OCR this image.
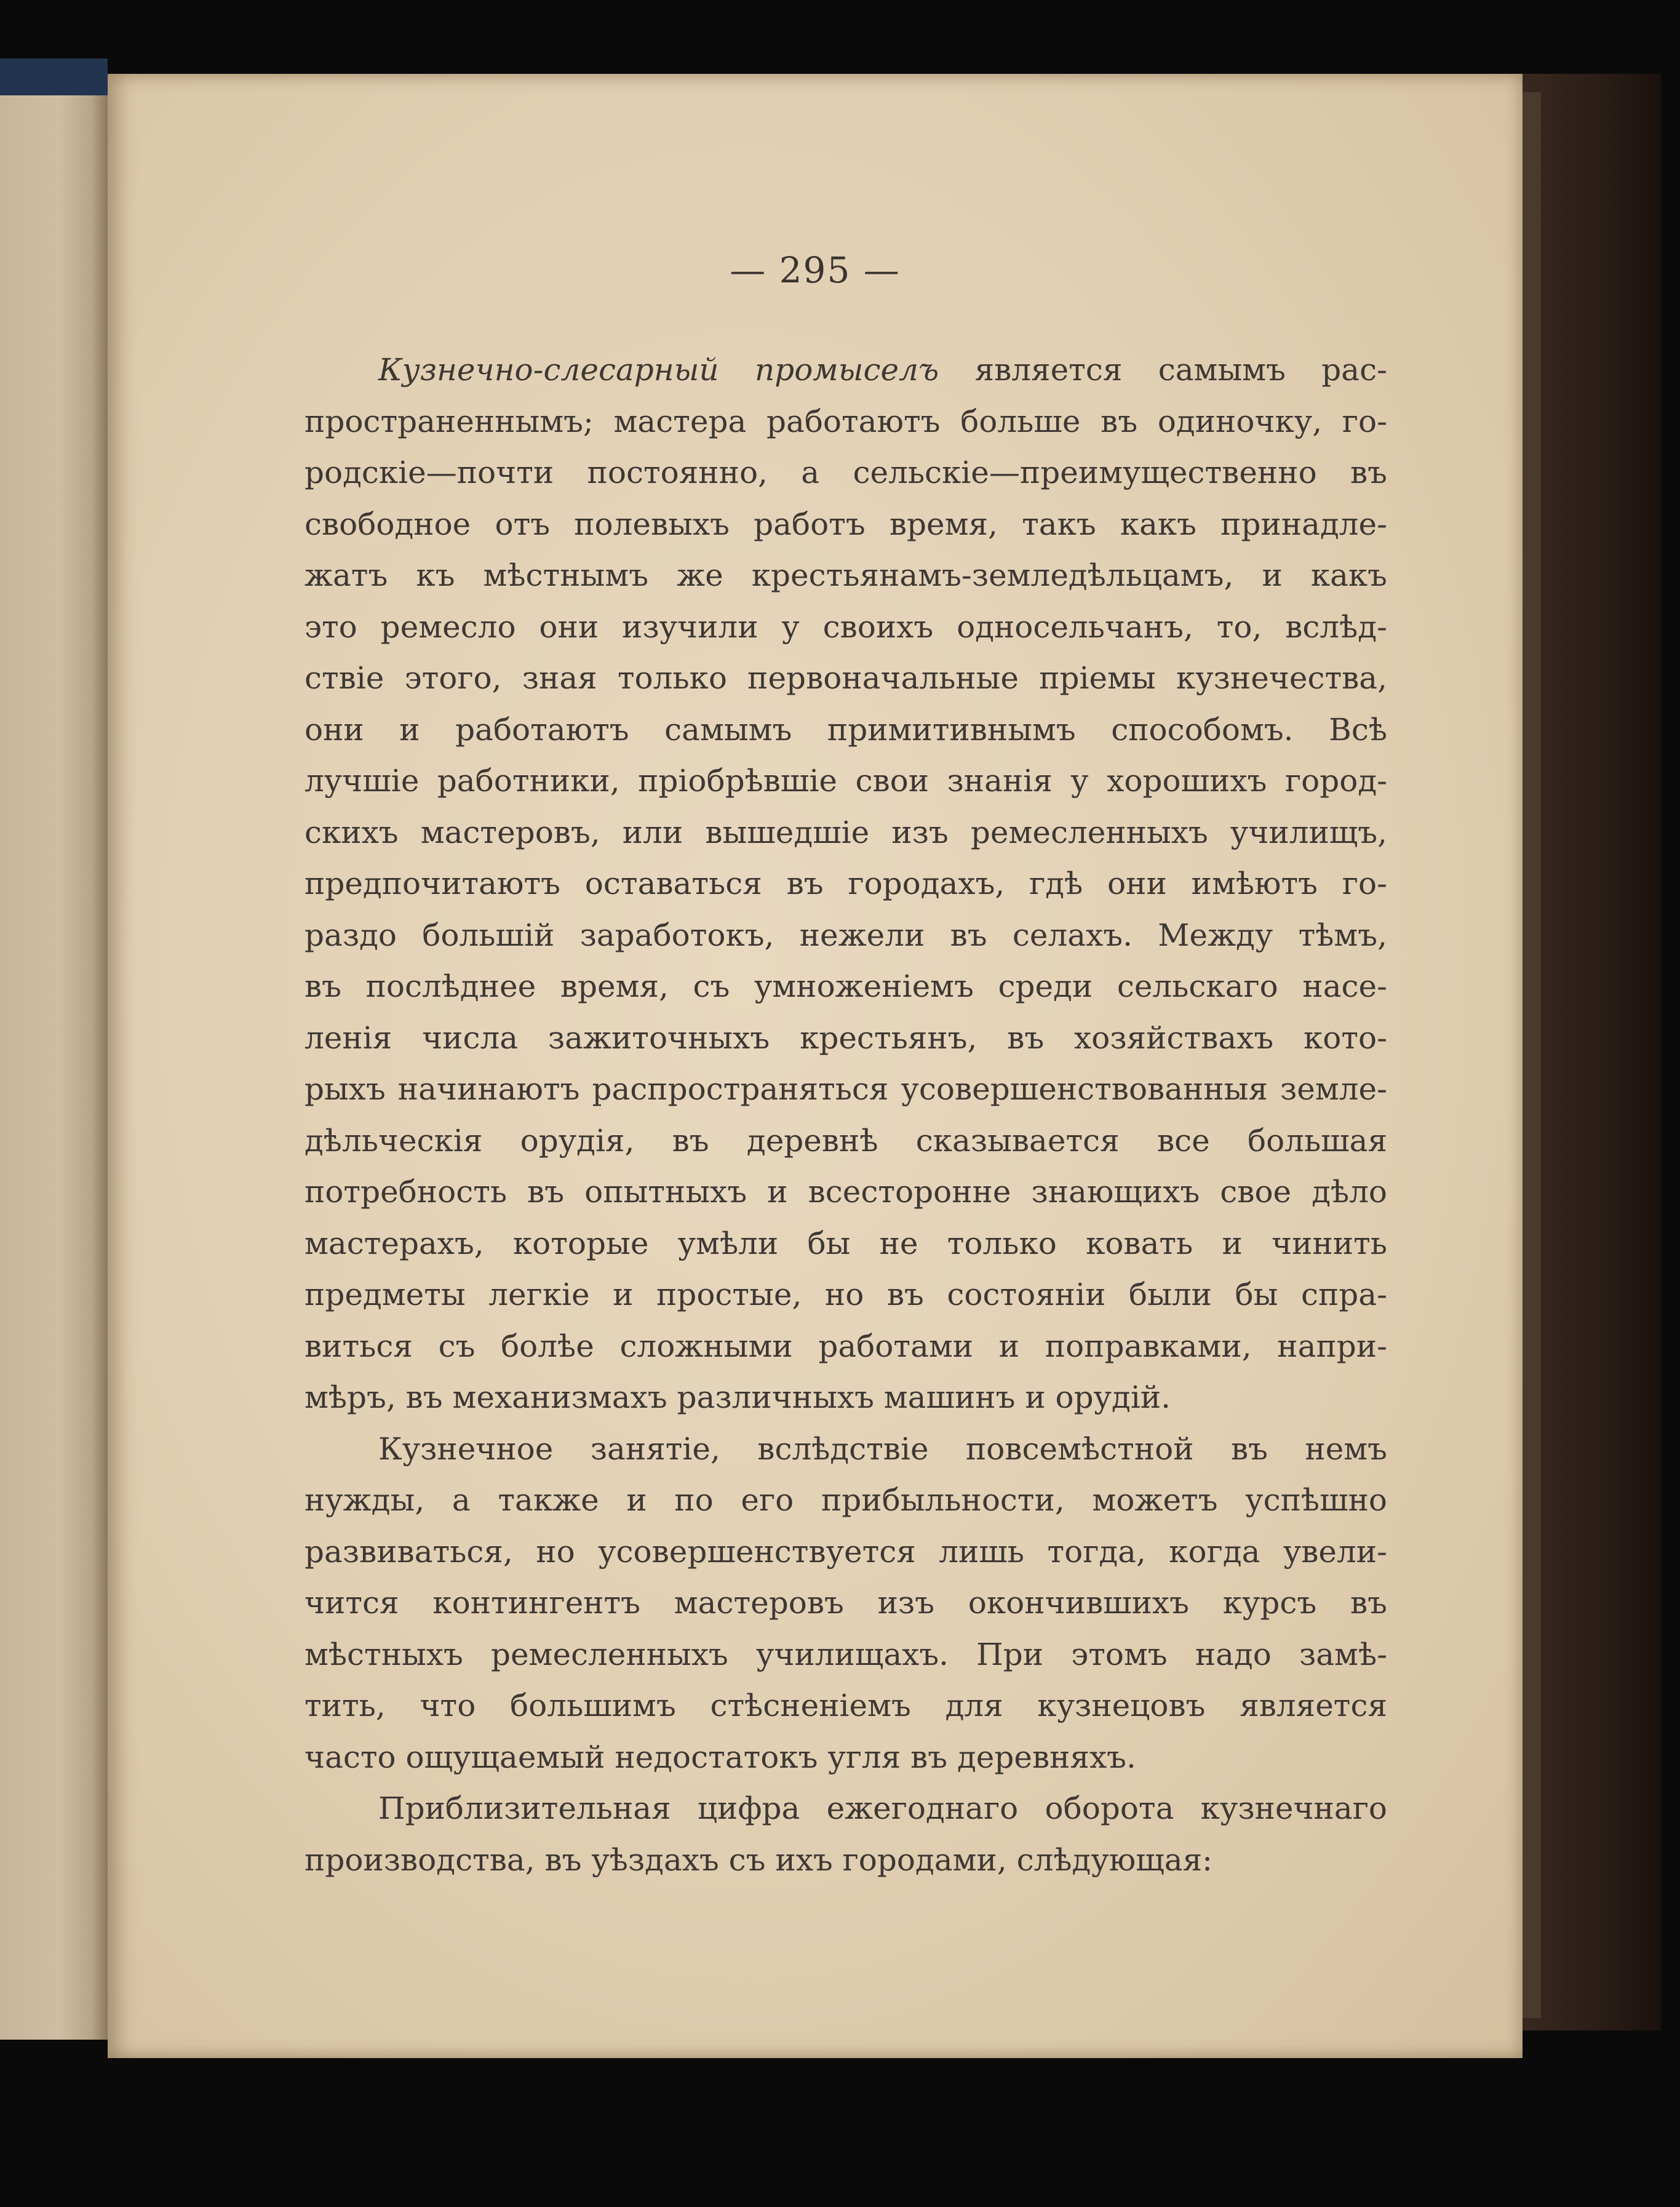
— 295 —
Кузнечно-слесарный промыселъ является самымъ рас-
пространеннымъ; мастера работаютъ больше въ одиночку, го-
родскіе—почти постоянно, а сельскіе—преимущественно въ
свободное отъ полевыхъ работъ время, такъ какъ принадле-
жатъ къ мѣстнымъ же крестьянамъ-земледѣльцамъ, и какъ
это ремесло они изучили у своихъ односельчанъ, то, вслѣд-
ствіе этого, зная только первоначальные пріемы кузнечества,
они и работаютъ самымъ примитивнымъ способомъ. Всѣ
лучшіе работники, пріобрѣвшіе свои знанія у хорошихъ город-
скихъ мастеровъ, или вышедшіе изъ ремесленныхъ училищъ,
предпочитаютъ оставаться въ городахъ, гдѣ они имѣютъ го-
раздо большій заработокъ, нежели въ селахъ. Между тѣмъ,
въ послѣднее время, съ умноженіемъ среди сельскаго насе-
ленія числа зажиточныхъ крестьянъ, въ хозяйствахъ кото-
рыхъ начинаютъ распространяться усовершенствованныя земле-
дѣльческія орудія, въ деревнѣ сказывается все большая
потребность въ опытныхъ и всесторонне знающихъ свое дѣло
мастерахъ, которые умѣли бы не только ковать и чинить
предметы легкіе и простые, но въ состояніи были бы спра-
виться съ болѣе сложными работами и поправками, напри-
мѣръ, въ механизмахъ различныхъ машинъ и орудій.
Кузнечное занятіе, вслѣдствіе повсемѣстной въ немъ
нужды, а также и по его прибыльности, можетъ успѣшно
развиваться, но усовершенствуется лишь тогда, когда увели-
чится контингентъ мастеровъ изъ окончившихъ курсъ въ
мѣстныхъ ремесленныхъ училищахъ. При этомъ надо замѣ-
тить, что большимъ стѣсненіемъ для кузнецовъ является
часто ощущаемый недостатокъ угля въ деревняхъ.
Приблизительная цифра ежегоднаго оборота кузнечнаго
производства, въ уѣздахъ съ ихъ городами, слѣдующая:
